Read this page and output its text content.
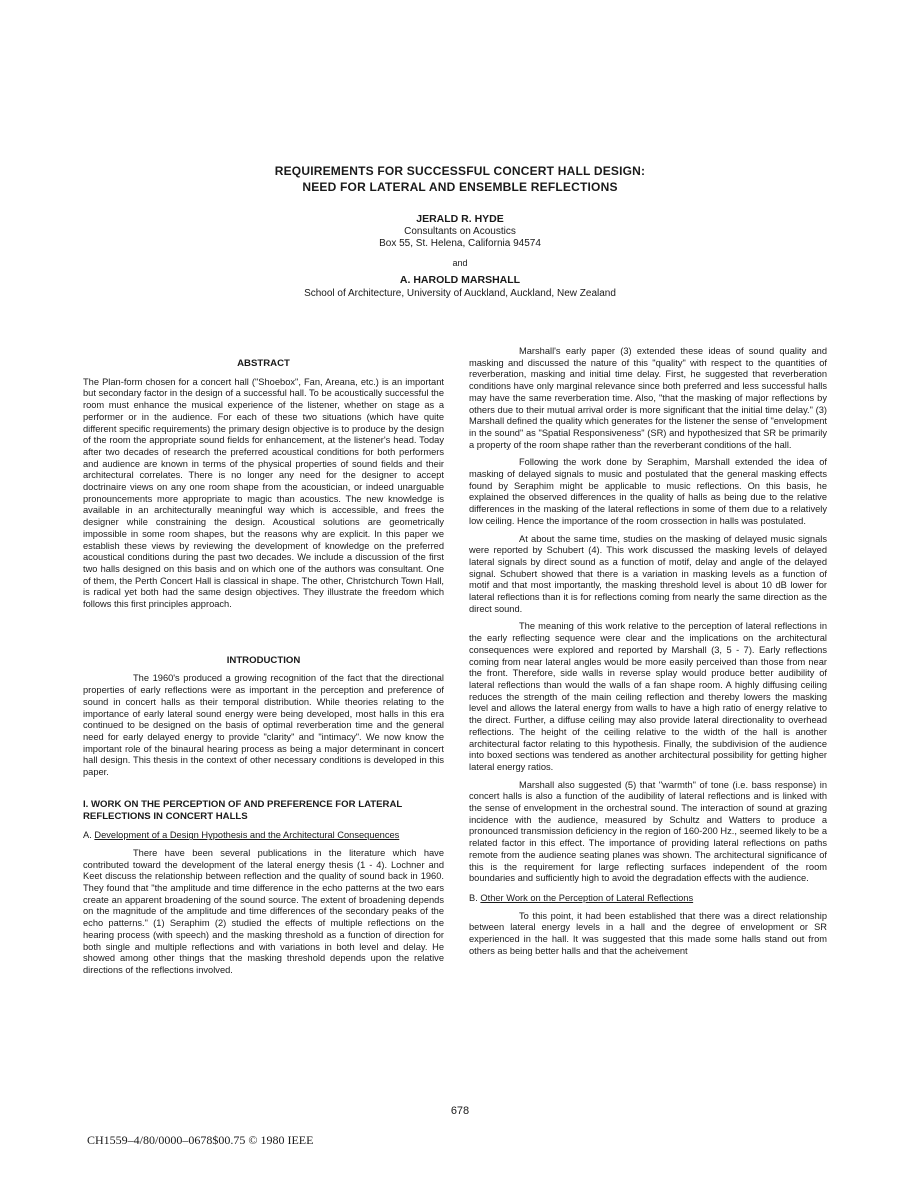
REQUIREMENTS FOR SUCCESSFUL CONCERT HALL DESIGN:
NEED FOR LATERAL AND ENSEMBLE REFLECTIONS
JERALD R. HYDE
Consultants on Acoustics
Box 55, St. Helena, California 94574
and
A. HAROLD MARSHALL
School of Architecture, University of Auckland, Auckland, New Zealand
ABSTRACT

The Plan-form chosen for a concert hall ("Shoebox", Fan, Areana, etc.) is an important but secondary factor in the design of a successful hall. To be acoustically successful the room must enhance the musical experience of the listener, whether on stage as a performer or in the audience. For each of these two situations (which have quite different specific requirements) the primary design objective is to produce by the design of the room the appropriate sound fields for enhancement, at the listener's head. Today after two decades of research the preferred acoustical conditions for both performers and audience are known in terms of the physical properties of sound fields and their architectural correlates. There is no longer any need for the designer to accept doctrinaire views on any one room shape from the acoustician, or indeed unarguable pronouncements more appropriate to magic than acoustics. The new knowledge is available in an architecturally meaningful way which is accessible, and frees the designer while constraining the design. Acoustical solutions are geometrically impossible in some room shapes, but the reasons why are explicit. In this paper we establish these views by reviewing the development of knowledge on the preferred acoustical conditions during the past two decades. We include a discussion of the first two halls designed on this basis and on which one of the authors was consultant. One of them, the Perth Concert Hall is classical in shape. The other, Christchurch Town Hall, is radical yet both had the same design objectives. They illustrate the freedom which follows this first principles approach.

INTRODUCTION

The 1960's produced a growing recognition of the fact that the directional properties of early reflections were as important in the perception and preference of sound in concert halls as their temporal distribution. While theories relating to the importance of early lateral sound energy were being developed, most halls in this era continued to be designed on the basis of optimal reverberation time and the general need for early delayed energy to provide "clarity" and "intimacy". We now know the important role of the binaural hearing process as being a major determinant in concert hall design. This thesis in the context of other necessary conditions is developed in this paper.

I. WORK ON THE PERCEPTION OF AND PREFERENCE FOR LATERAL REFLECTIONS IN CONCERT HALLS
A. Development of a Design Hypothesis and the Architectural Consequences

There have been several publications in the literature which have contributed toward the development of the lateral energy thesis (1 - 4). Lochner and Keet discuss the relationship between reflection and the quality of sound back in 1960. They found that "the amplitude and time difference in the echo patterns at the two ears create an apparent broadening of the sound source. The extent of broadening depends on the magnitude of the amplitude and time differences of the secondary peaks of the echo patterns." (1) Seraphim (2) studied the effects of multiple reflections on the hearing process (with speech) and the masking threshold as a function of direction for both single and multiple reflections and with variations in both level and delay. He showed among other things that the masking threshold depends upon the relative directions of the reflections involved.

Marshall's early paper (3) extended these ideas of sound quality and masking and discussed the nature of this "quality" with respect to the quantities of reverberation, masking and initial time delay. First, he suggested that reverberation conditions have only marginal relevance since both preferred and less successful halls may have the same reverberation time. Also, "that the masking of major reflections by others due to their mutual arrival order is more significant that the initial time delay." (3) Marshall defined the quality which generates for the listener the sense of "envelopment in the sound" as "Spatial Responsiveness" (SR) and hypothesized that SR be primarily a property of the room shape rather than the reverberant conditions of the hall.

Following the work done by Seraphim, Marshall extended the idea of masking of delayed signals to music and postulated that the general masking effects found by Seraphim might be applicable to music reflections. On this basis, he explained the observed differences in the quality of halls as being due to the relative differences in the masking of the lateral reflections in some of them due to a relatively low ceiling. Hence the importance of the room crossection in halls was postulated.

At about the same time, studies on the masking of delayed music signals were reported by Schubert (4). This work discussed the masking levels of delayed lateral signals by direct sound as a function of motif, delay and angle of the delayed signal. Schubert showed that there is a variation in masking levels as a function of motif and that most importantly, the masking threshold level is about 10 dB lower for lateral reflections than it is for reflections coming from nearly the same direction as the direct sound.

The meaning of this work relative to the perception of lateral reflections in the early reflecting sequence were clear and the implications on the architectural consequences were explored and reported by Marshall (3, 5 - 7). Early reflections coming from near lateral angles would be more easily perceived than those from near the front. Therefore, side walls in reverse splay would produce better audibility of lateral reflections than would the walls of a fan shape room. A highly diffusing ceiling reduces the strength of the main ceiling reflection and thereby lowers the masking level and allows the lateral energy from walls to have a high ratio of energy relative to the direct. Further, a diffuse ceiling may also provide lateral directionality to overhead reflections. The height of the ceiling relative to the width of the hall is another architectural factor relating to this hypothesis. Finally, the subdivision of the audience into boxed sections was tendered as another architectural possibility for getting higher lateral energy ratios.

Marshall also suggested (5) that "warmth" of tone (i.e. bass response) in concert halls is also a function of the audibility of lateral reflections and is linked with the sense of envelopment in the orchestral sound. The interaction of sound at grazing incidence with the audience, measured by Schultz and Watters to produce a pronounced transmission deficiency in the region of 160-200 Hz., seemed likely to be a related factor in this effect. The importance of providing lateral reflections on paths remote from the audience seating planes was shown. The architectural significance of this is the requirement for large reflecting surfaces independent of the room boundaries and sufficiently high to avoid the degradation effects with the audience.

B. Other Work on the Perception of Lateral Reflections

To this point, it had been established that there was a direct relationship between lateral energy levels in a hall and the degree of envelopment or SR experienced in the hall. It was suggested that this made some halls stand out from others as being better halls and that the acheivement

678
CH1559–4/80/0000–0678$00.75 © 1980 IEEE
